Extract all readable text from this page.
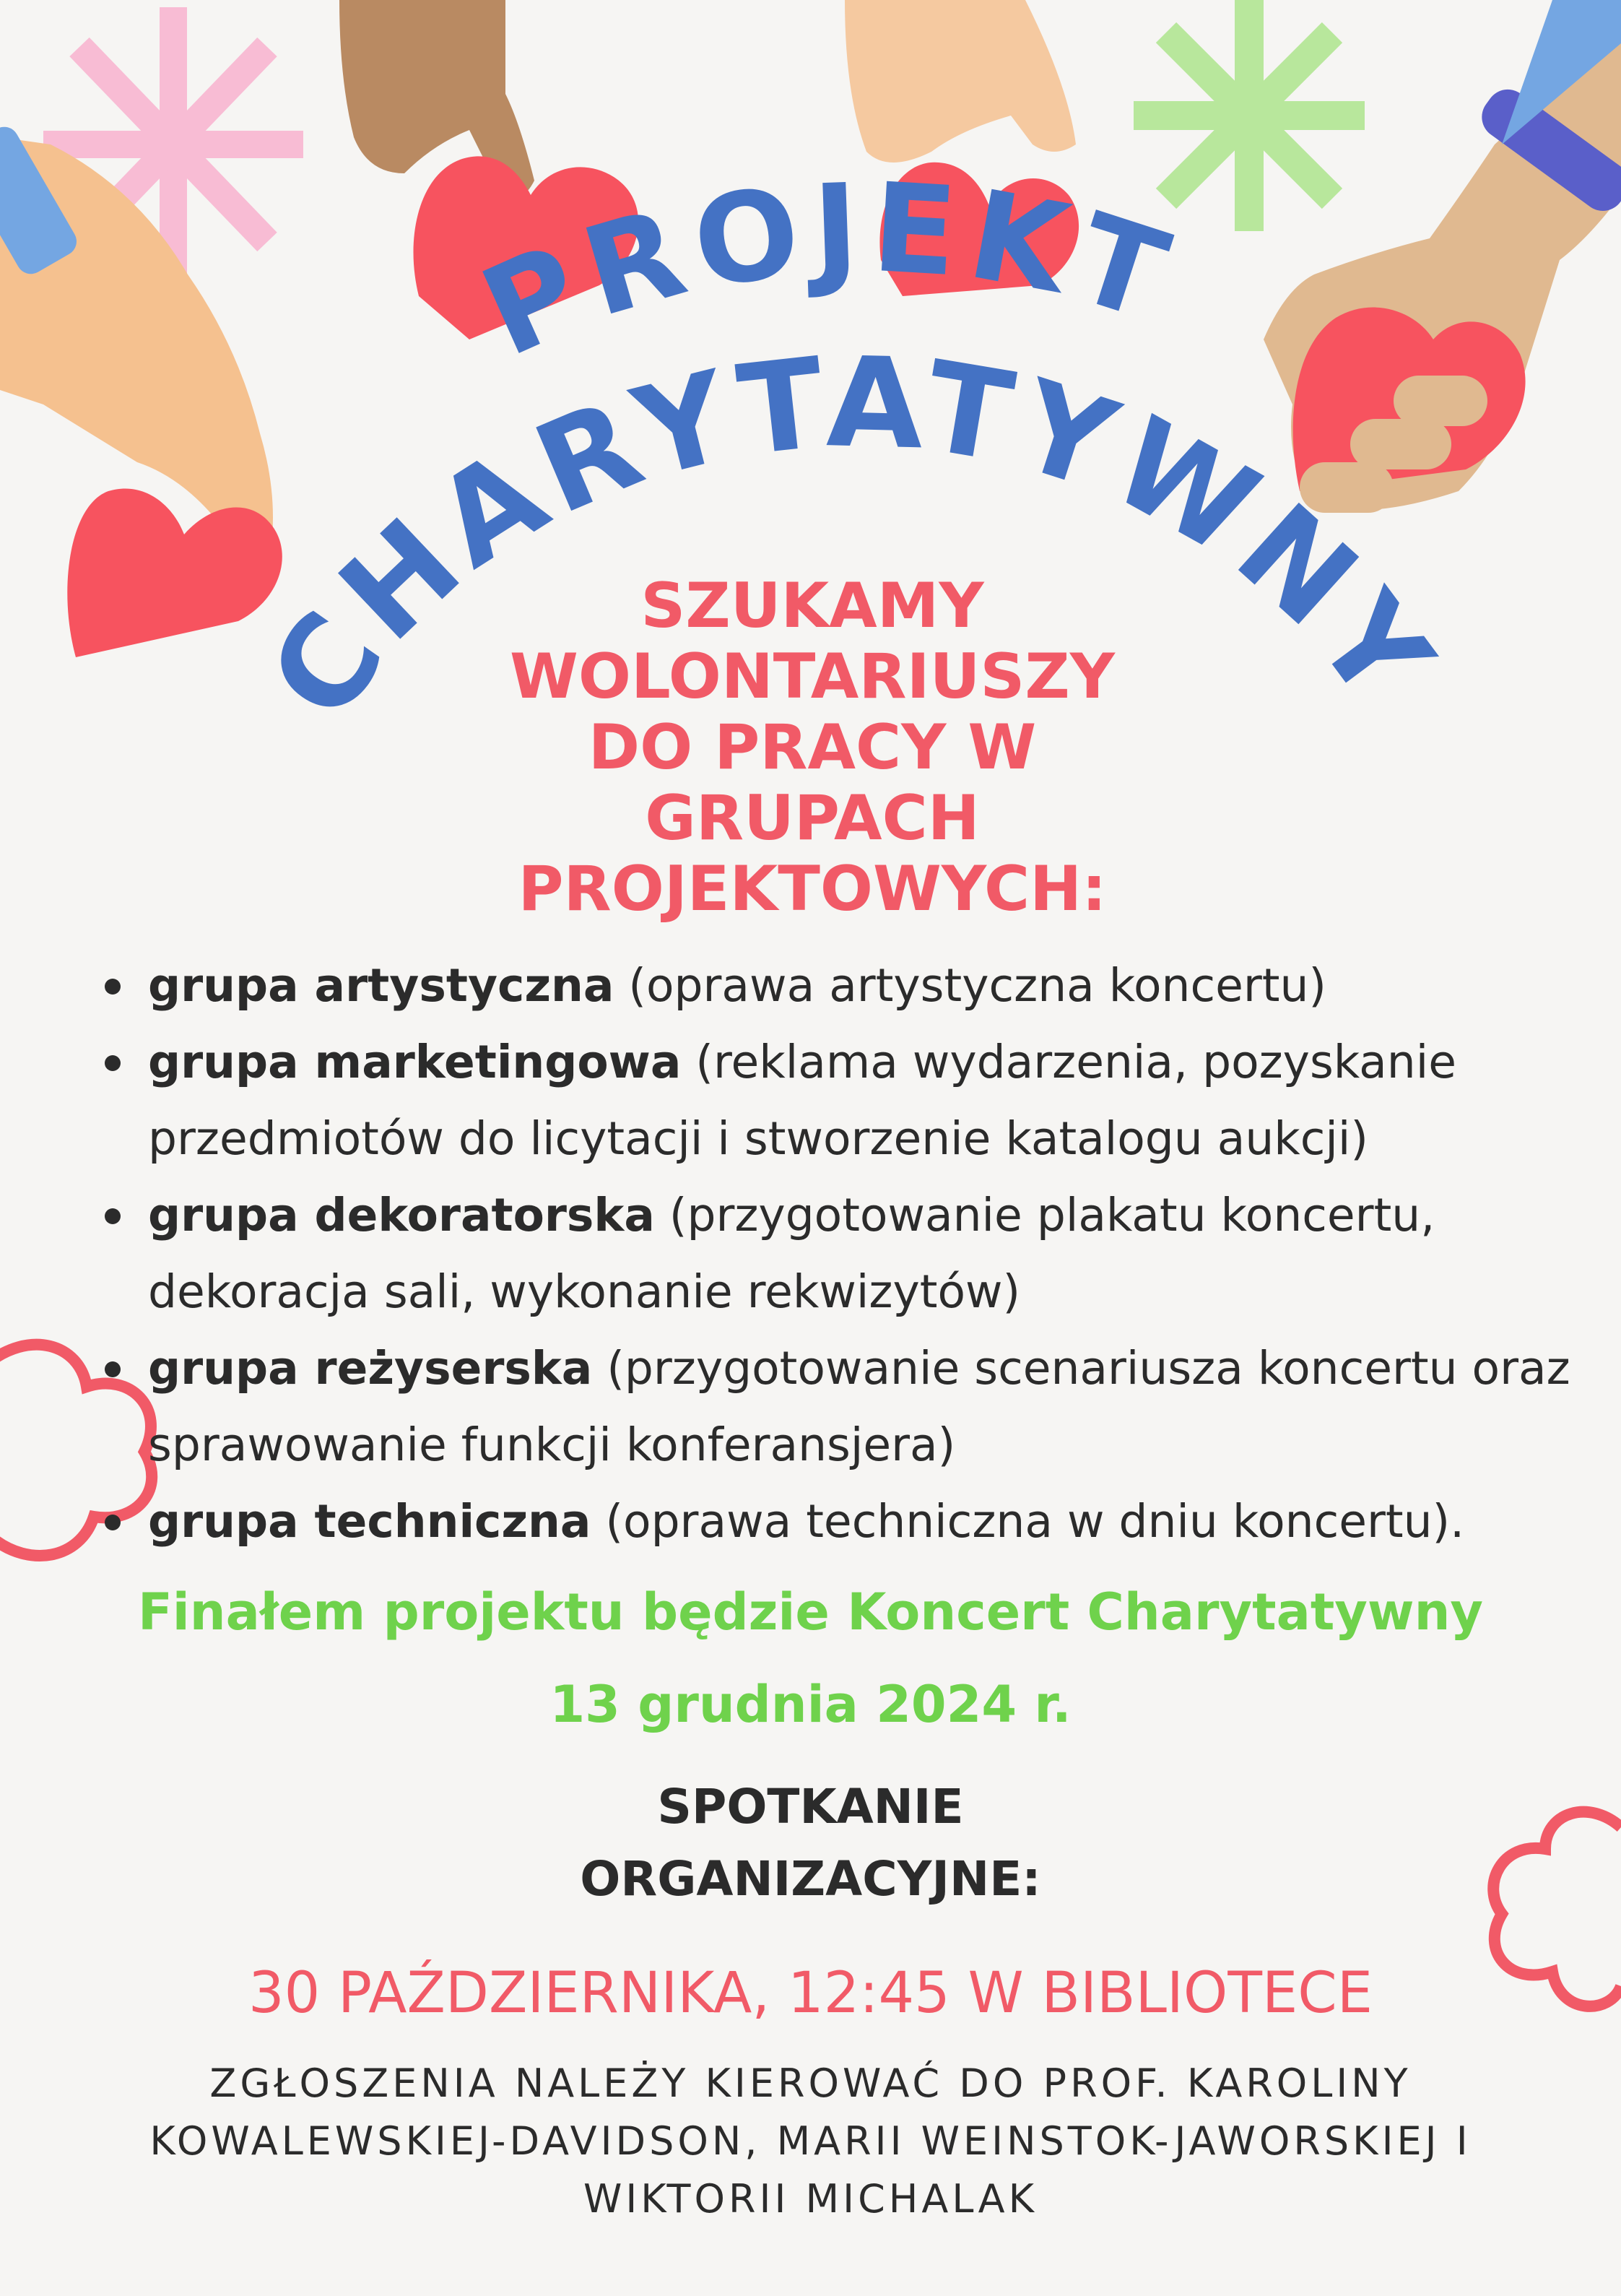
PROJEKT
CHARYTATYWNY
SZUKAMY
WOLONTARIUSZY
DO PRACY W
GRUPACH
PROJEKTOWYCH:
grupa artystyczna (oprawa artystyczna koncertu)
grupa marketingowa (reklama wydarzenia, pozyskanie przedmiotów do licytacji i stworzenie katalogu aukcji)
grupa dekoratorska (przygotowanie plakatu koncertu, dekoracja sali, wykonanie rekwizytów)
grupa reżyserska (przygotowanie scenariusza koncertu oraz sprawowanie funkcji konferansjera)
grupa techniczna (oprawa techniczna w dniu koncertu).
Finałem projektu będzie Koncert Charytatywny
13 grudnia 2024 r.
SPOTKANIE
ORGANIZACYJNE:
30 PAŹDZIERNIKA, 12:45 W BIBLIOTECE
ZGŁOSZENIA NALEŻY KIEROWAĆ DO PROF. KAROLINY
KOWALEWSKIEJ-DAVIDSON, MARII WEINSTOK-JAWORSKIEJ I
WIKTORII MICHALAK
